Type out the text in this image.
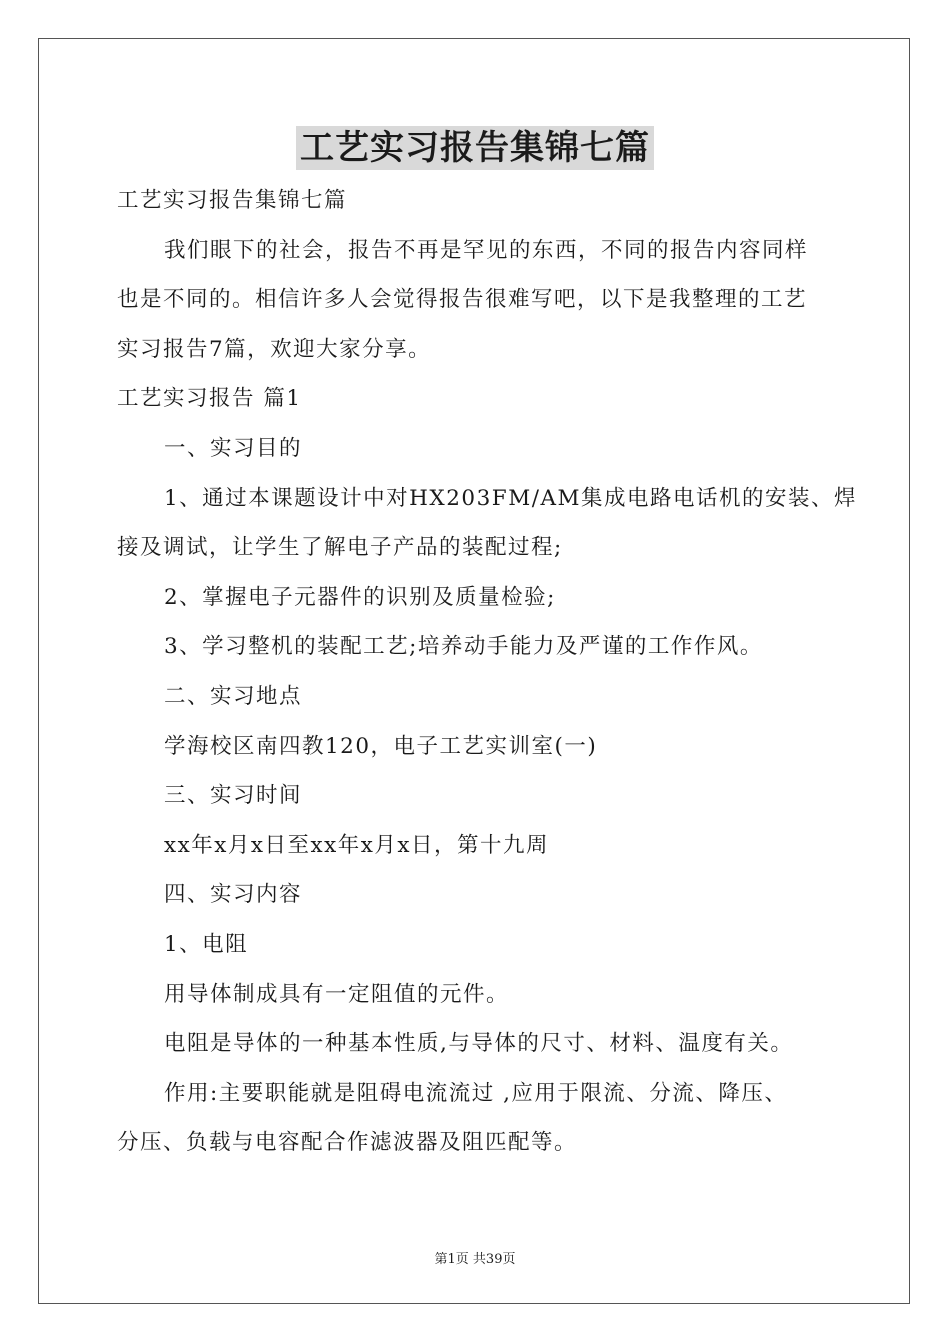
工艺实习报告集锦七篇

工艺实习报告集锦七篇

我们眼下的社会，报告不再是罕见的东西，不同的报告内容同样

也是不同的。相信许多人会觉得报告很难写吧，以下是我整理的工艺

实习报告7篇，欢迎大家分享。

工艺实习报告 篇1

一、实习目的

1、通过本课题设计中对HX203FM/AM集成电路电话机的安装、焊

接及调试，让学生了解电子产品的装配过程;

2、掌握电子元器件的识别及质量检验;

3、学习整机的装配工艺;培养动手能力及严谨的工作作风。

二、实习地点

学海校区南四教120，电子工艺实训室(一)

三、实习时间

xx年x月x日至xx年x月x日，第十九周

四、实习内容

1、电阻

用导体制成具有一定阻值的元件。

电阻是导体的一种基本性质,与导体的尺寸、材料、温度有关。

作用:主要职能就是阻碍电流流过 ,应用于限流、分流、降压、

分压、负载与电容配合作滤波器及阻匹配等。

第1页 共39页
